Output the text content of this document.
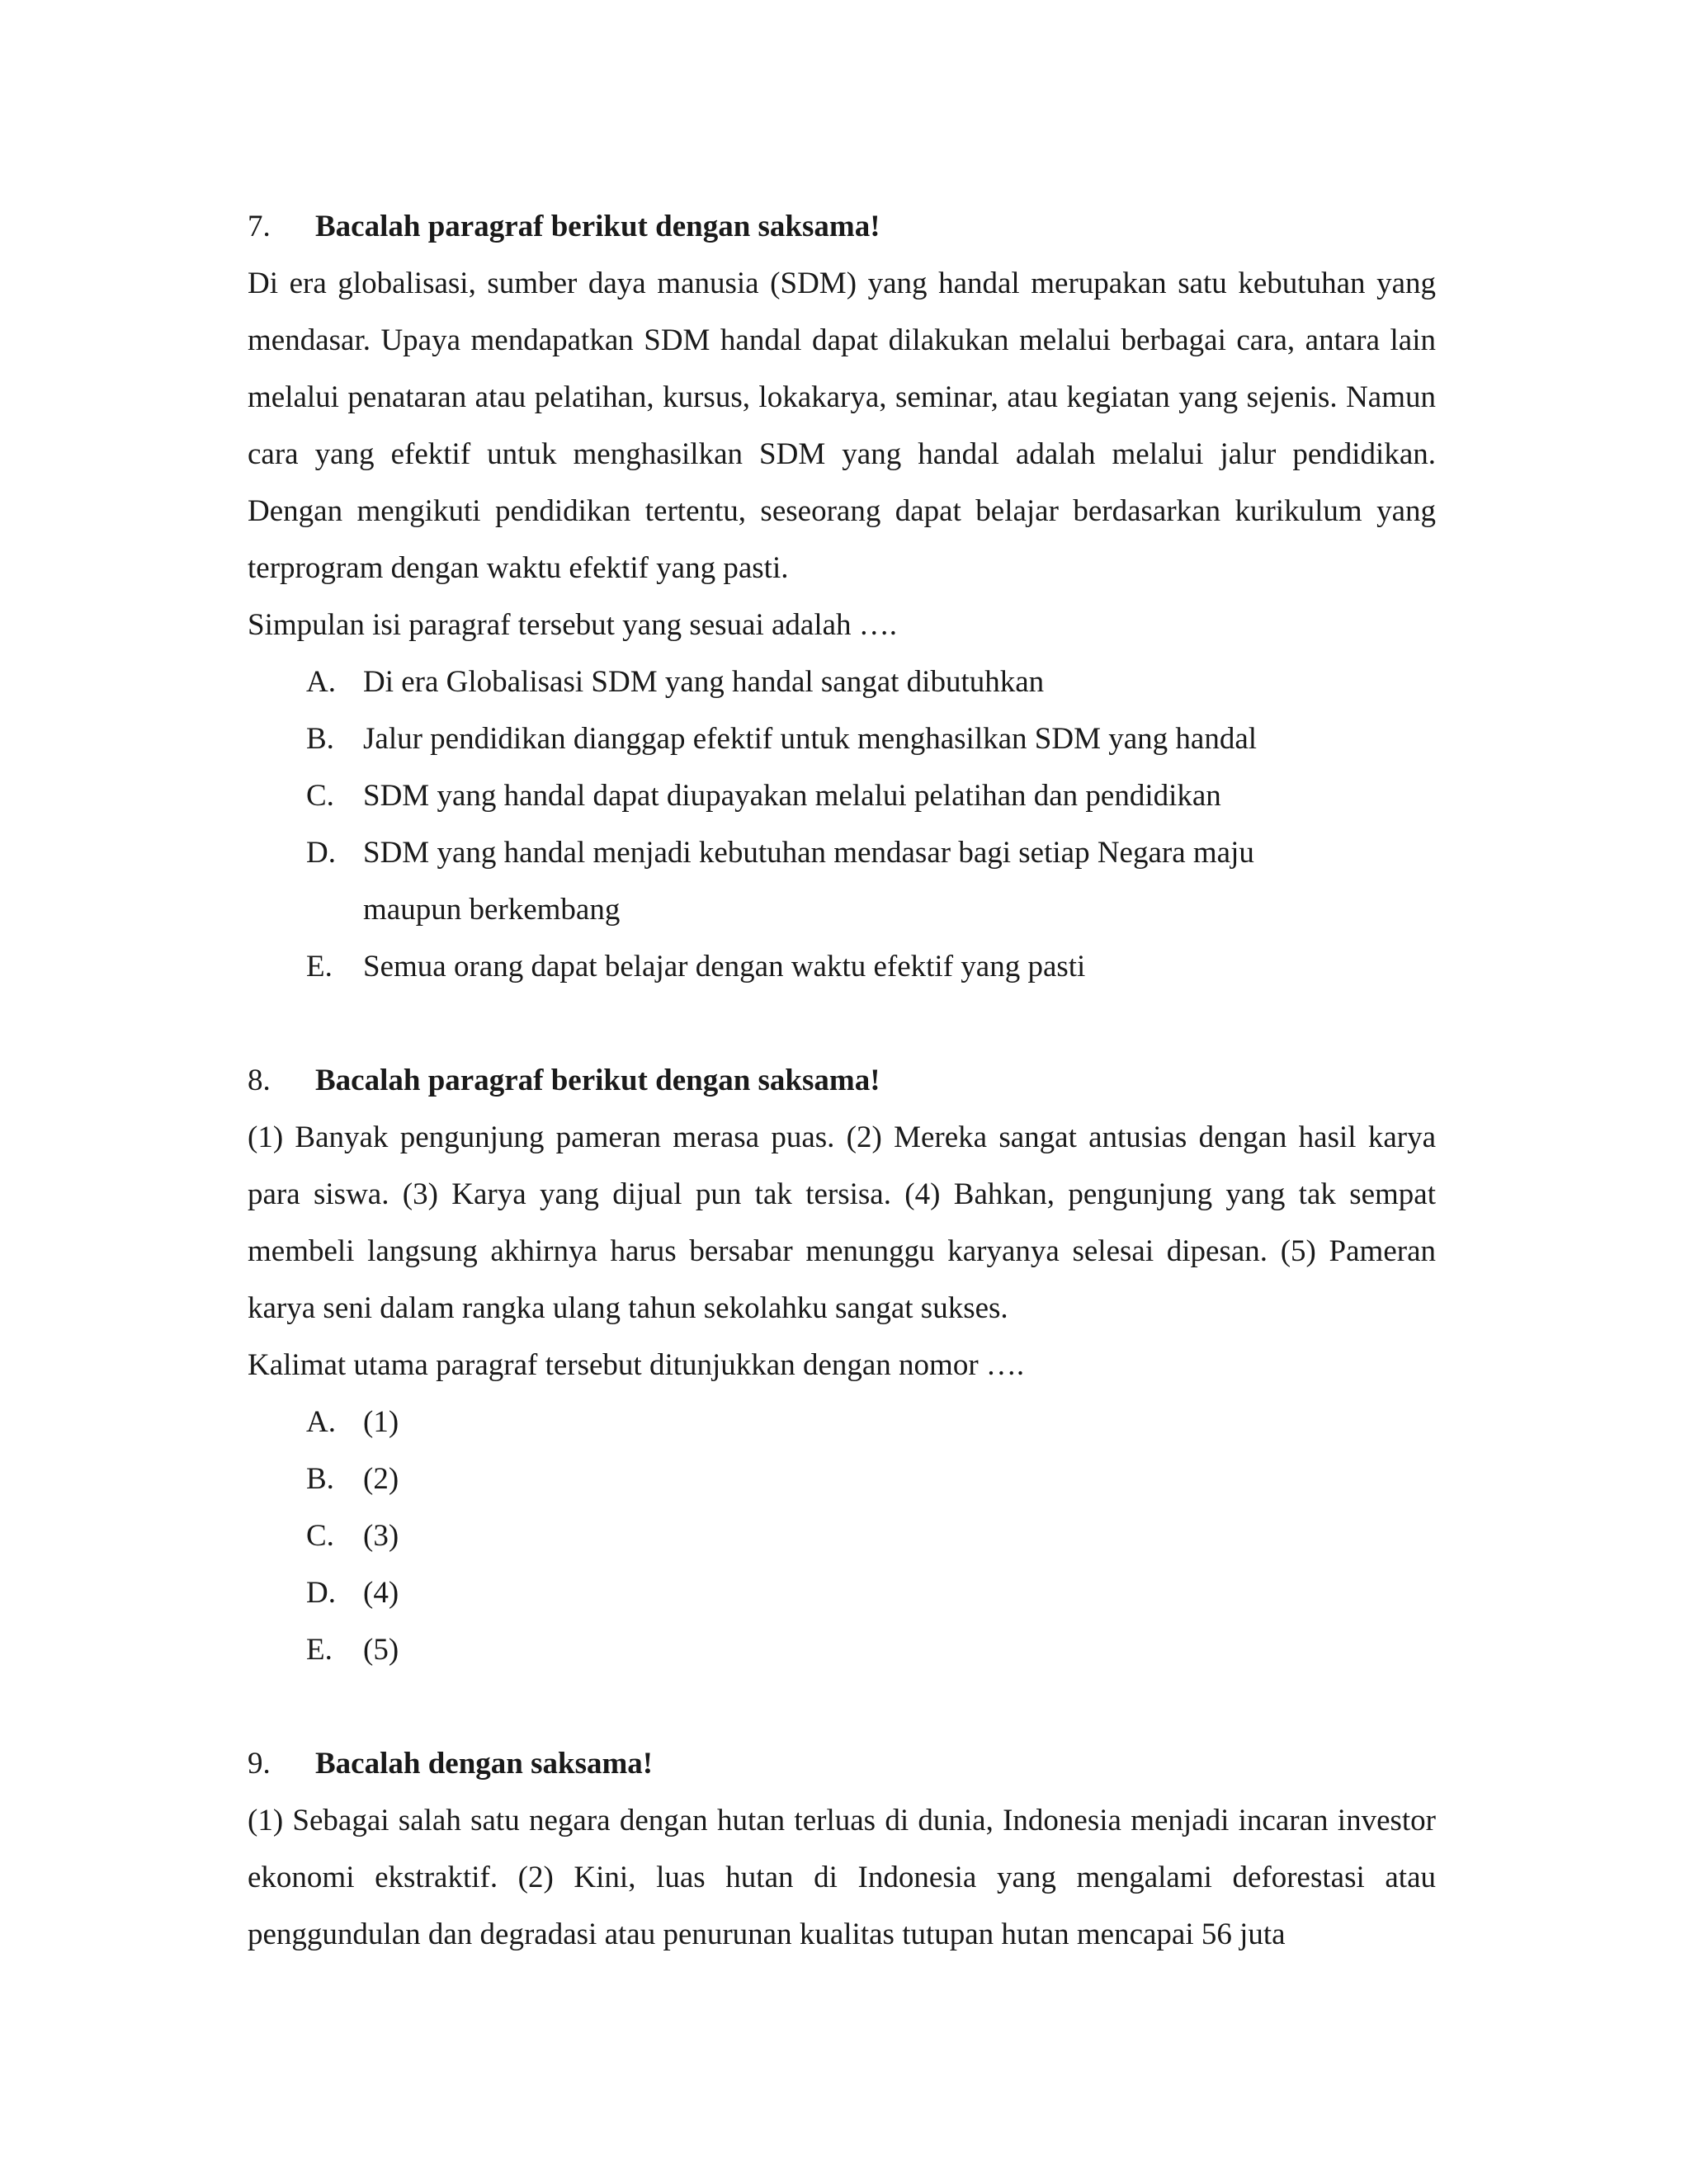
7.	Bacalah paragraf berikut dengan saksama!
Di era globalisasi, sumber daya manusia (SDM) yang handal merupakan satu kebutuhan yang mendasar. Upaya mendapatkan SDM handal dapat dilakukan melalui berbagai cara, antara lain melalui penataran atau pelatihan, kursus, lokakarya, seminar, atau kegiatan yang sejenis. Namun cara yang efektif untuk menghasilkan SDM yang handal adalah melalui jalur pendidikan. Dengan mengikuti pendidikan tertentu, seseorang dapat belajar berdasarkan kurikulum yang terprogram dengan waktu efektif yang pasti.

Simpulan isi paragraf tersebut yang sesuai adalah ….

A. Di era Globalisasi SDM yang handal sangat dibutuhkan
B. Jalur pendidikan dianggap efektif untuk menghasilkan SDM yang handal
C. SDM yang handal dapat diupayakan melalui pelatihan dan pendidikan
D. SDM yang handal menjadi kebutuhan mendasar bagi setiap Negara maju maupun berkembang
E.	Semua orang dapat belajar dengan waktu efektif yang pasti
8.	Bacalah paragraf berikut dengan saksama!
(1) Banyak pengunjung pameran merasa puas. (2) Mereka sangat antusias dengan hasil karya para siswa. (3) Karya yang dijual pun tak tersisa. (4) Bahkan, pengunjung yang tak sempat membeli langsung akhirnya harus bersabar menunggu karyanya selesai dipesan. (5) Pameran karya seni dalam rangka ulang tahun sekolahku sangat sukses.

Kalimat utama paragraf tersebut ditunjukkan dengan nomor ….

A. (1)
B. (2)
C. (3)
D. (4)
E.	(5)
9.	Bacalah dengan saksama!
(1) Sebagai salah satu negara dengan hutan terluas di dunia, Indonesia menjadi incaran investor ekonomi ekstraktif. (2) Kini, luas hutan di Indonesia yang mengalami deforestasi atau penggundulan dan degradasi atau penurunan kualitas tutupan hutan mencapai 56 juta
